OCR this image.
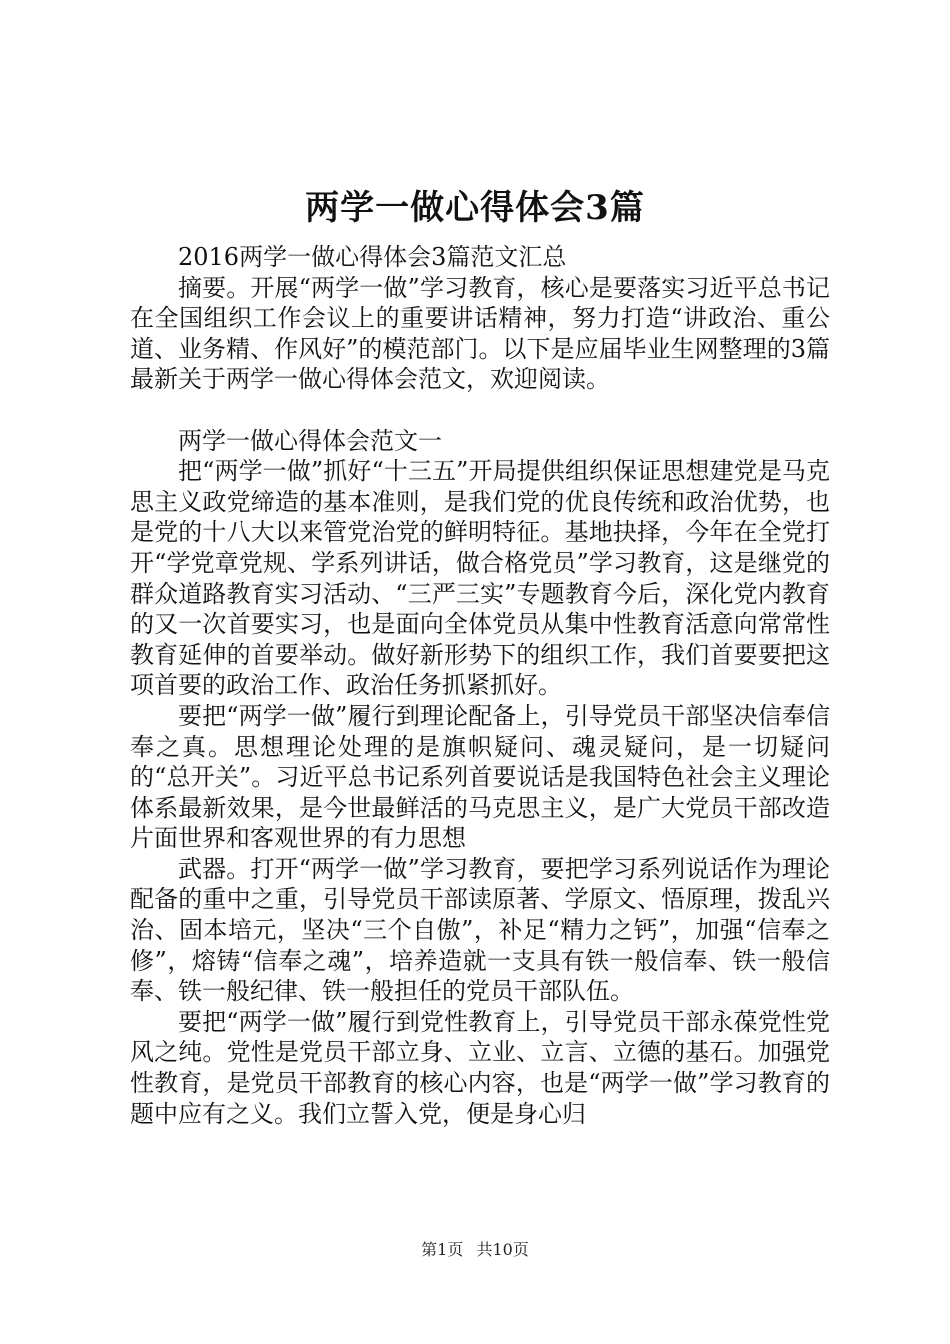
两学一做心得体会3篇

2016两学一做心得体会3篇范文汇总

摘要。开展“两学一做”学习教育，核心是要落实习近平总书记在全国组织工作会议上的重要讲话精神，努力打造“讲政治、重公道、业务精、作风好”的模范部门。以下是应届毕业生网整理的3篇最新关于两学一做心得体会范文，欢迎阅读。

两学一做心得体会范文一

把“两学一做”抓好“十三五”开局提供组织保证思想建党是马克思主义政党缔造的基本准则，是我们党的优良传统和政治优势，也是党的十八大以来管党治党的鲜明特征。基地抉择，今年在全党打开“学党章党规、学系列讲话，做合格党员”学习教育，这是继党的群众道路教育实习活动、“三严三实”专题教育今后，深化党内教育的又一次首要实习，也是面向全体党员从集中性教育活意向常常性教育延伸的首要举动。做好新形势下的组织工作，我们首要要把这项首要的政治工作、政治任务抓紧抓好。

要把“两学一做”履行到理论配备上，引导党员干部坚决信奉信奉之真。思想理论处理的是旗帜疑问、魂灵疑问，是一切疑问的“总开关”。习近平总书记系列首要说话是我国特色社会主义理论体系最新效果，是今世最鲜活的马克思主义，是广大党员干部改造片面世界和客观世界的有力思想

武器。打开“两学一做”学习教育，要把学习系列说话作为理论配备的重中之重，引导党员干部读原著、学原文、悟原理，拨乱兴治、固本培元，坚决“三个自傲”，补足“精力之钙”，加强“信奉之修”，熔铸“信奉之魂”，培养造就一支具有铁一般信奉、铁一般信奉、铁一般纪律、铁一般担任的党员干部队伍。

要把“两学一做”履行到党性教育上，引导党员干部永葆党性党风之纯。党性是党员干部立身、立业、立言、立德的基石。加强党性教育，是党员干部教育的核心内容，也是“两学一做”学习教育的题中应有之义。我们立誓入党，便是身心归

第1页 共10页
